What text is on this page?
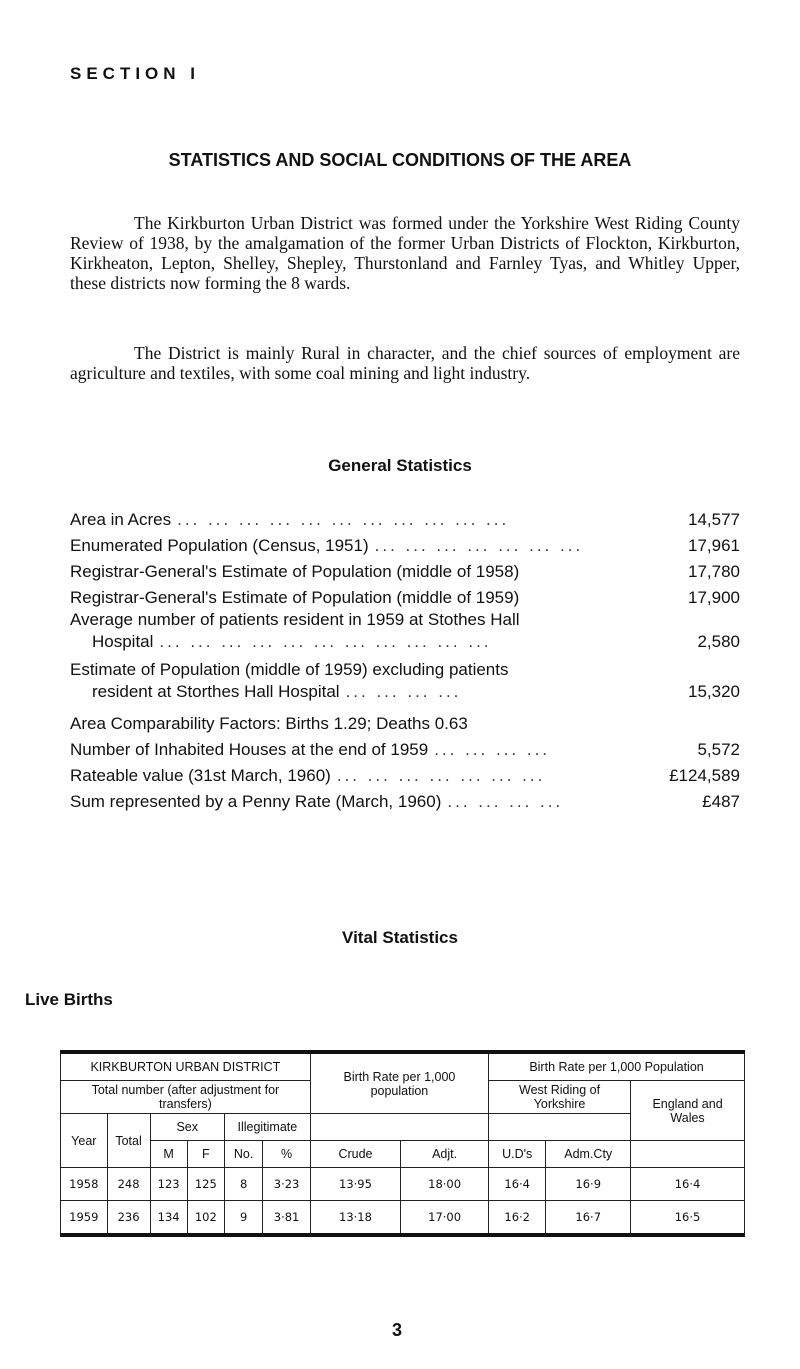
SECTION I
STATISTICS AND SOCIAL CONDITIONS OF THE AREA

The Kirkburton Urban District was formed under the Yorkshire West Riding County Review of 1938, by the amalgamation of the former Urban Districts of Flockton, Kirkburton, Kirkheaton, Lepton, Shelley, Shepley, Thurstonland and Farnley Tyas, and Whitley Upper, these districts now forming the 8 wards.

The District is mainly Rural in character, and the chief sources of employment are agriculture and textiles, with some coal mining and light industry.

General Statistics
Area in Acres ... ... ... ... ... ... ... ... ... ... ...	14,577
Enumerated Population (Census, 1951) ... ... ... ... ... ... ...	17,961
Registrar-General's Estimate of Population (middle of 1958)	17,780
Registrar-General's Estimate of Population (middle of 1959)	17,900
Average number of patients resident in 1959 at Stothes Hall
Hospital ... ... ... ... ... ... ... ... ... ... ...	2,580
Estimate of Population (middle of 1959) excluding patients
resident at Storthes Hall Hospital ... ... ... ...	15,320
Area Comparability Factors: Births 1.29; Deaths 0.63
Number of Inhabited Houses at the end of 1959 ... ... ... ...	5,572
Rateable value (31st March, 1960) ... ... ... ... ... ... ...	£124,589
Sum represented by a Penny Rate (March, 1960) ... ... ... ...	£487
Vital Statistics
Live Births
KIRKBURTON URBAN DISTRICT						Birth Rate per 1,000 population		Birth Rate per 1,000 Population		
Total number (after adjustment for transfers)								West Riding of Yorkshire		England and Wales

Year	Total	Sex		Illegitimate						
		M	F	No.	%	Crude	Adjt.	U.D's	Adm.Cty	
1958	248	123	125	8	3·23	13·95	18·00	16·4	16·9	16·4
1959	236	134	102	9	3·81	13·18	17·00	16·2	16·7	16·5
3
